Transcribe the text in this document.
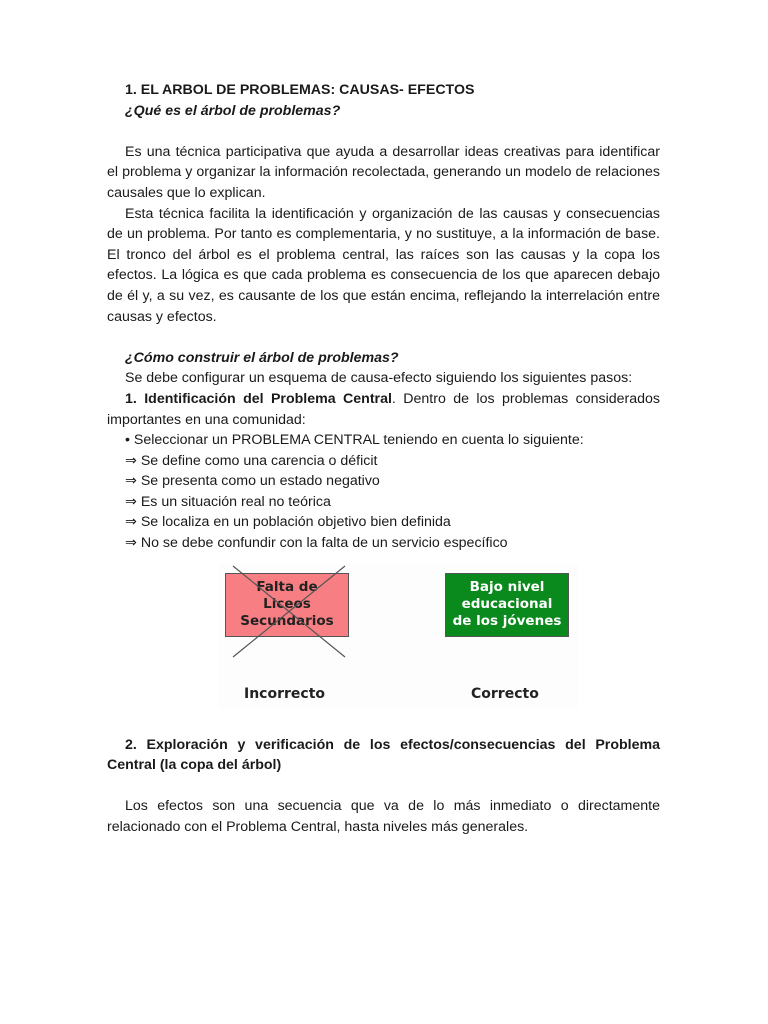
1. EL ARBOL DE PROBLEMAS: CAUSAS- EFECTOS

¿Qué es el árbol de problemas?

Es una técnica participativa que ayuda a desarrollar ideas creativas para identificar el problema y organizar la información recolectada, generando un modelo de relaciones causales que lo explican.

Esta técnica facilita la identificación y organización de las causas y consecuencias de un problema. Por tanto es complementaria, y no sustituye, a la información de base. El tronco del árbol es el problema central, las raíces son las causas y la copa los efectos. La lógica es que cada problema es consecuencia de los que aparecen debajo de él y, a su vez, es causante de los que están encima, reflejando la interrelación entre causas y efectos.

¿Cómo construir el árbol de problemas?

Se debe configurar un esquema de causa-efecto siguiendo los siguientes pasos:

1. Identificación del Problema Central. Dentro de los problemas considerados importantes en una comunidad:

• Seleccionar un PROBLEMA CENTRAL teniendo en cuenta lo siguiente:

⇒ Se define como una carencia o déficit

⇒ Se presenta como un estado negativo

⇒ Es un situación real no teórica

⇒ Se localiza en un población objetivo bien definida

⇒ No se debe confundir con la falta de un servicio específico

Falta de
Liceos
Secundarios
Bajo nivel
educacional
de los jóvenes
Incorrecto	Correcto

2. Exploración y verificación de los efectos/consecuencias del Problema Central (la copa del árbol)

Los efectos son una secuencia que va de lo más inmediato o directamente relacionado con el Problema Central, hasta niveles más generales.
